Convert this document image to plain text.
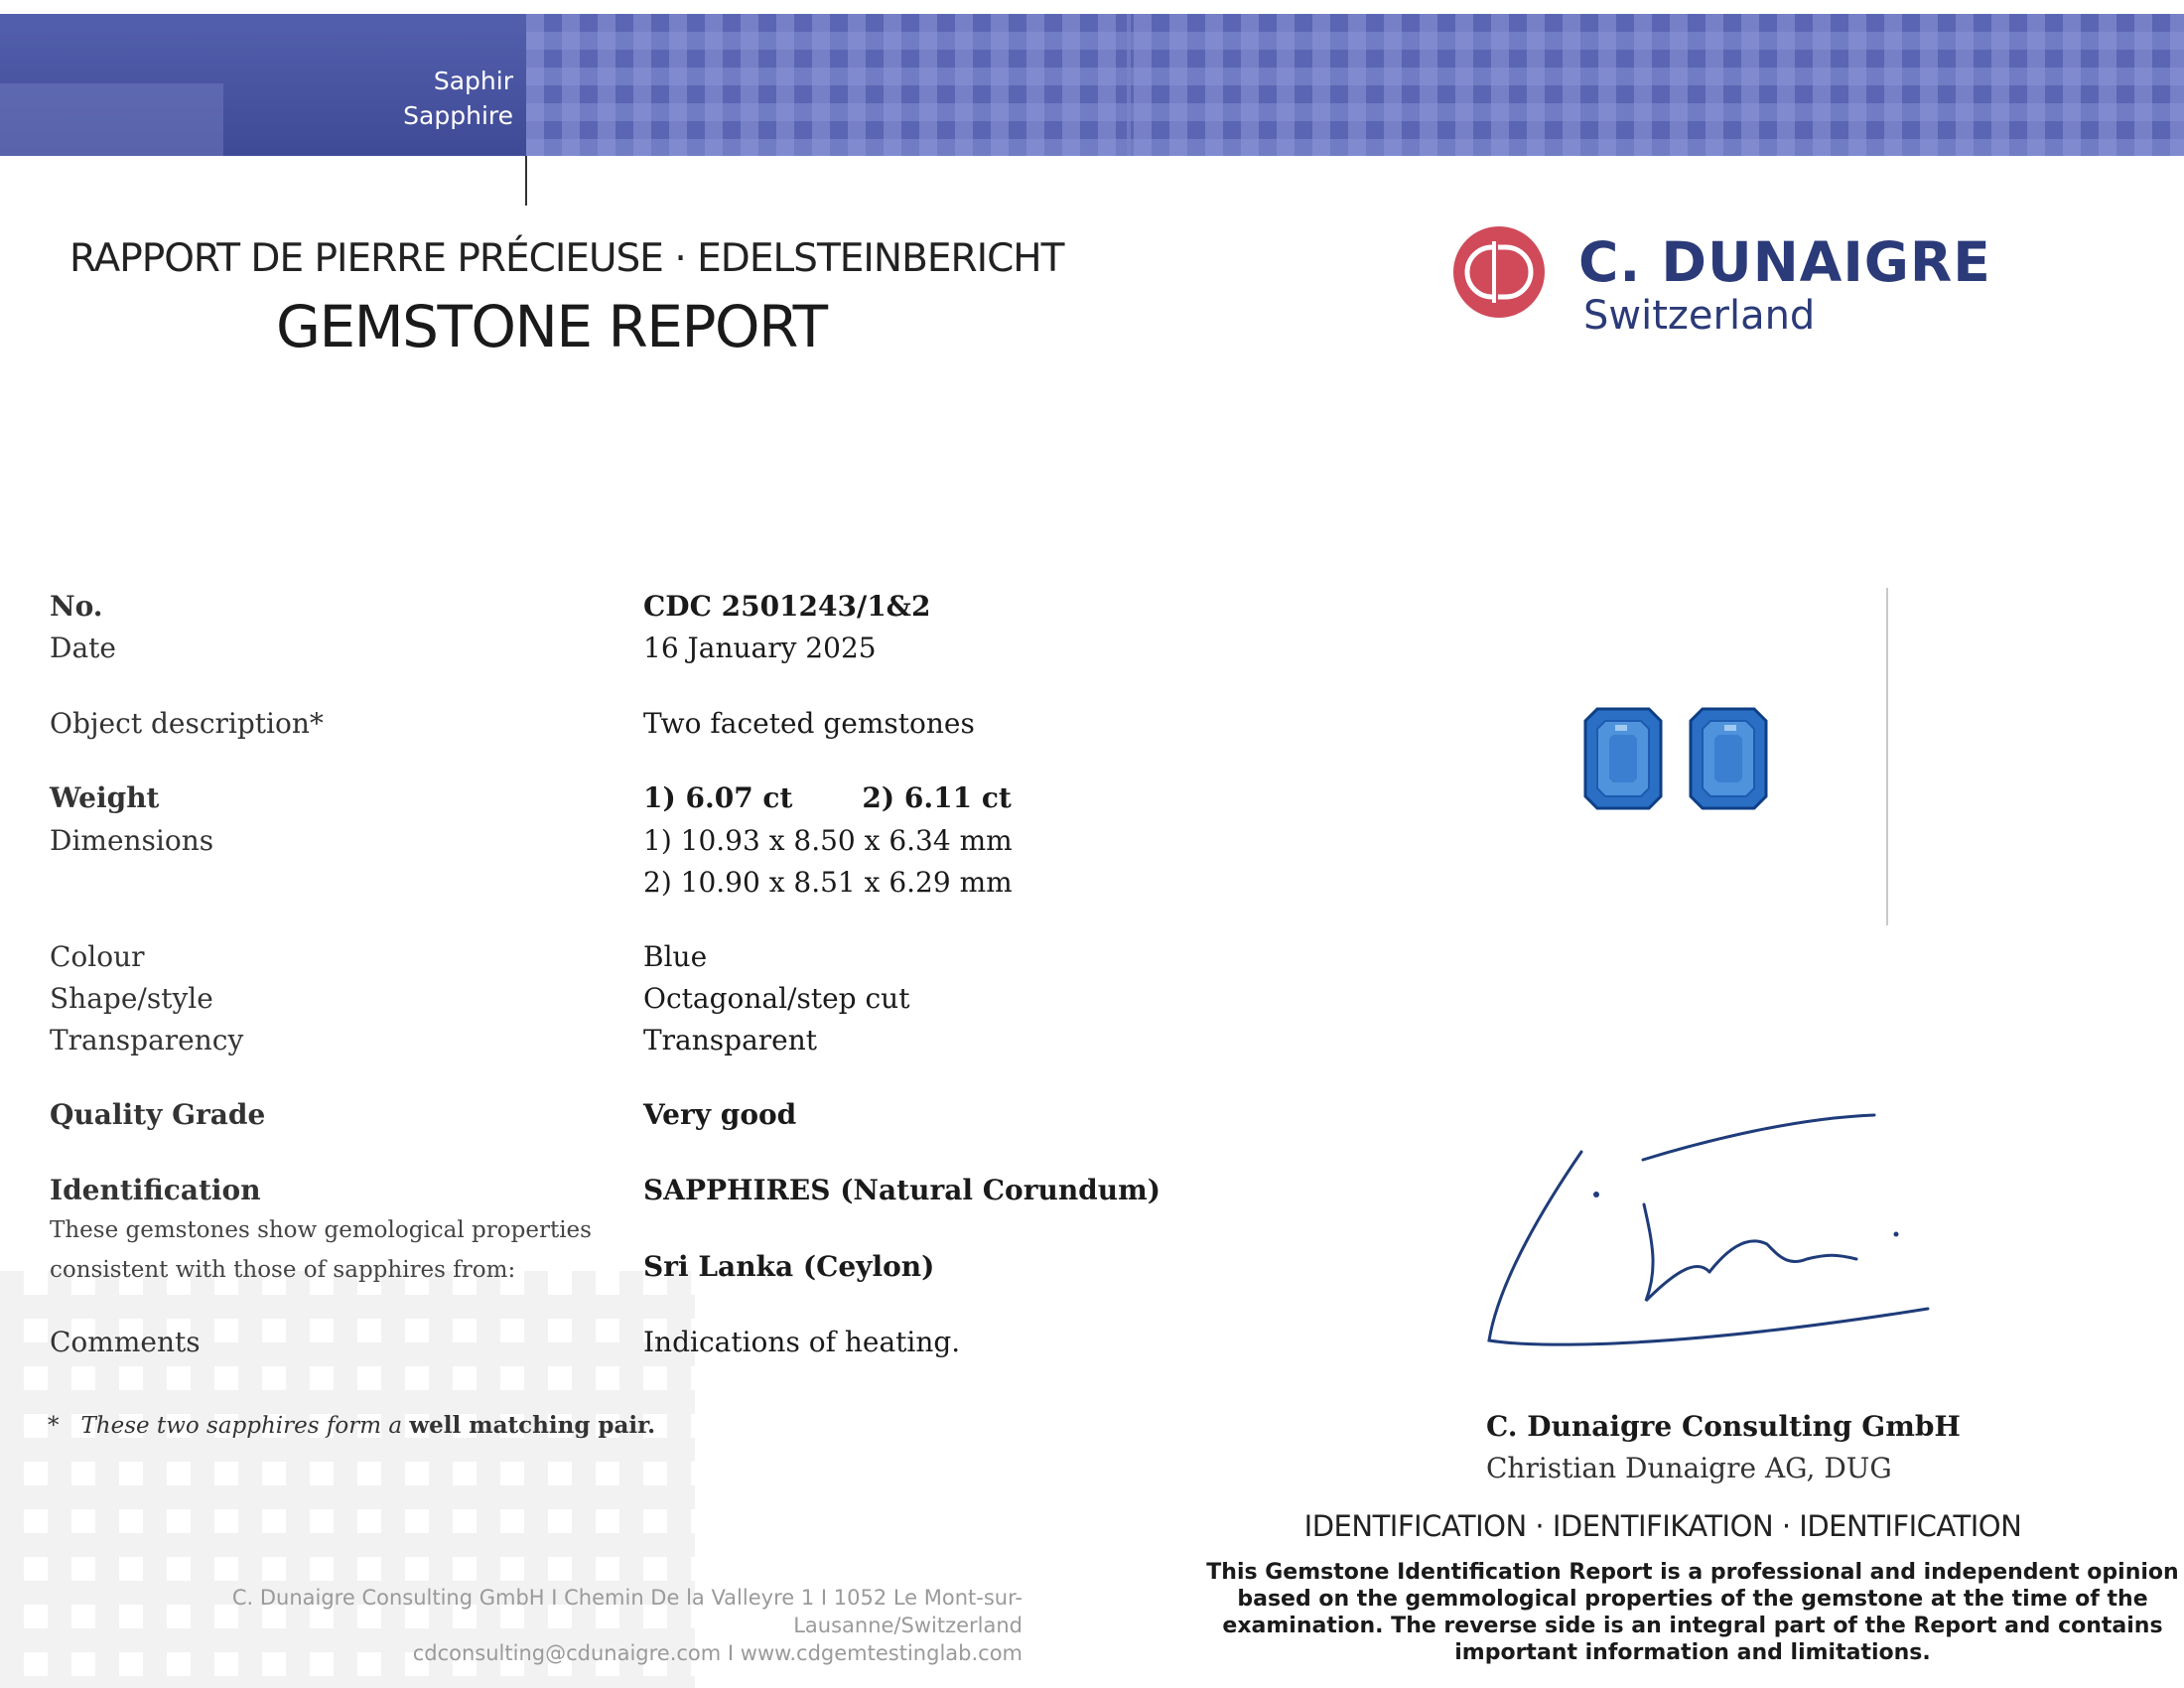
Saphir
Sapphire
RAPPORT DE PIERRE PRÉCIEUSE · EDELSTEINBERICHT
GEMSTONE REPORT
C. DUNAIGRE
Switzerland
No.	CDC 2501243/1&2
Date	16 January 2025
Object description*	Two faceted gemstones
Weight	1) 6.07 ct	2) 6.11 ct
Dimensions	1) 10.93 x 8.50 x 6.34 mm
2) 10.90 x 8.51 x 6.29 mm
Colour	Blue
Shape/style	Octagonal/step cut
Transparency	Transparent
Quality Grade	Very good
Identification	SAPPHIRES (Natural Corundum)
These gemstones show gemological properties
consistent with those of sapphires from:	Sri Lanka (Ceylon)
Comments	Indications of heating.
* These two sapphires form a well matching pair.	C. Dunaigre Consulting GmbH
Christian Dunaigre AG, DUG
IDENTIFICATION · IDENTIFIKATION · IDENTIFICATION
This Gemstone Identification Report is a professional and independent opinion
based on the gemmological properties of the gemstone at the time of the
examination. The reverse side is an integral part of the Report and contains
important information and limitations.
C. Dunaigre Consulting GmbH I Chemin De la Valleyre 1 I 1052 Le Mont-sur-Lausanne/Switzerland
cdconsulting@cdunaigre.com I www.cdgemtestinglab.com
